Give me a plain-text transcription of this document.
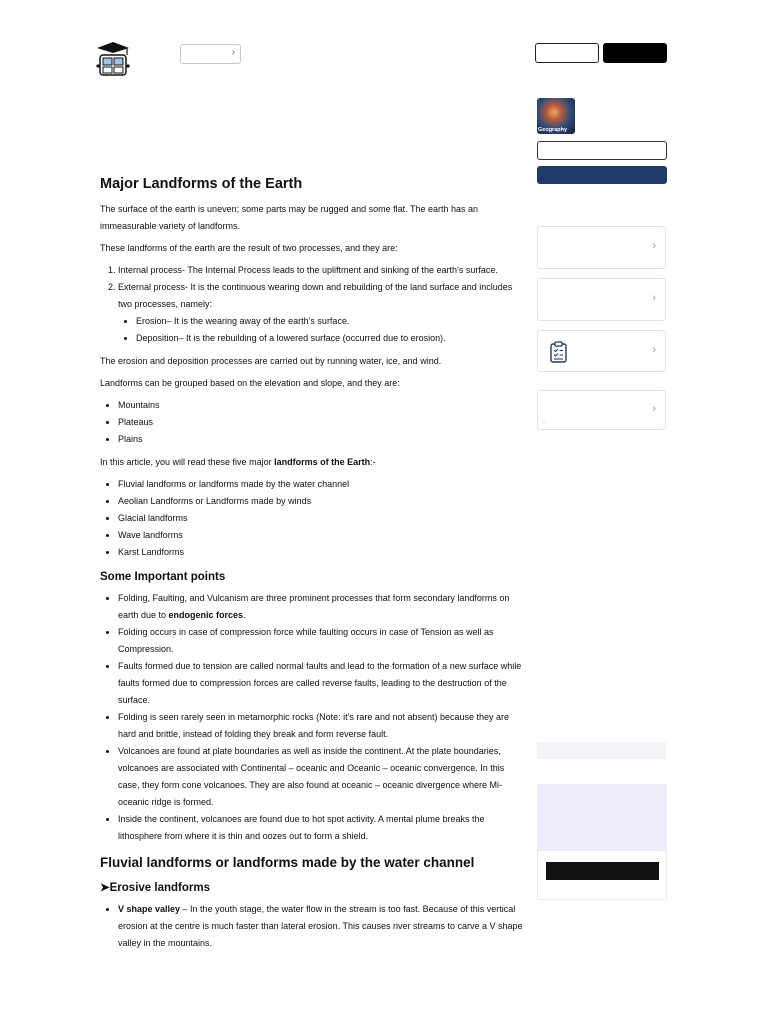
›
Major Landforms of the Earth

The surface of the earth is uneven; some parts may be rugged and some flat. The earth has an immeasurable variety of landforms.

These landforms of the earth are the result of two processes, and they are:

1. Internal process- The Internal Process leads to the upliftment and sinking of the earth’s surface.
2. External process- It is the continuous wearing down and rebuilding of the land surface and includes two processes, namely:
• Erosion– It is the wearing away of the earth’s surface.
• Deposition– It is the rebuilding of a lowered surface (occurred due to erosion).

The erosion and deposition processes are carried out by running water, ice, and wind.

Landforms can be grouped based on the elevation and slope, and they are:

• Mountains
• Plateaus
• Plains

In this article, you will read these five major landforms of the Earth:-

• Fluvial landforms or landforms made by the water channel
• Aeolian Landforms or Landforms made by winds
• Glacial landforms
• Wave landforms
• Karst Landforms
Some Important points
• Folding, Faulting, and Vulcanism are three prominent processes that form secondary landforms on earth due to endogenic forces.
• Folding occurs in case of compression force while faulting occurs in case of Tension as well as Compression.
• Faults formed due to tension are called normal faults and lead to the formation of a new surface while faults formed due to compression forces are called reverse faults, leading to the destruction of the surface.
• Folding is seen rarely seen in metamorphic rocks (Note: it’s rare and not absent) because they are hard and brittle, instead of folding they break and form reverse fault.
• Volcanoes are found at plate boundaries as well as inside the continent. At the plate boundaries, volcanoes are associated with Continental – oceanic and Oceanic – oceanic convergence. In this case, they form cone volcanoes. They are also found at oceanic – oceanic divergence where Mi-oceanic ridge is formed.
• Inside the continent, volcanoes are found due to hot spot activity. A mental plume breaks the lithosphere from where it is thin and oozes out to form a shield.
Fluvial landforms or landforms made by the water channel
➤Erosive landforms
• V shape valley – In the youth stage, the water flow in the stream is too fast. Because of this vertical erosion at the centre is much faster than lateral erosion. This causes river streams to carve a V shape valley in the mountains.
Geography
›
›
›
›
.
